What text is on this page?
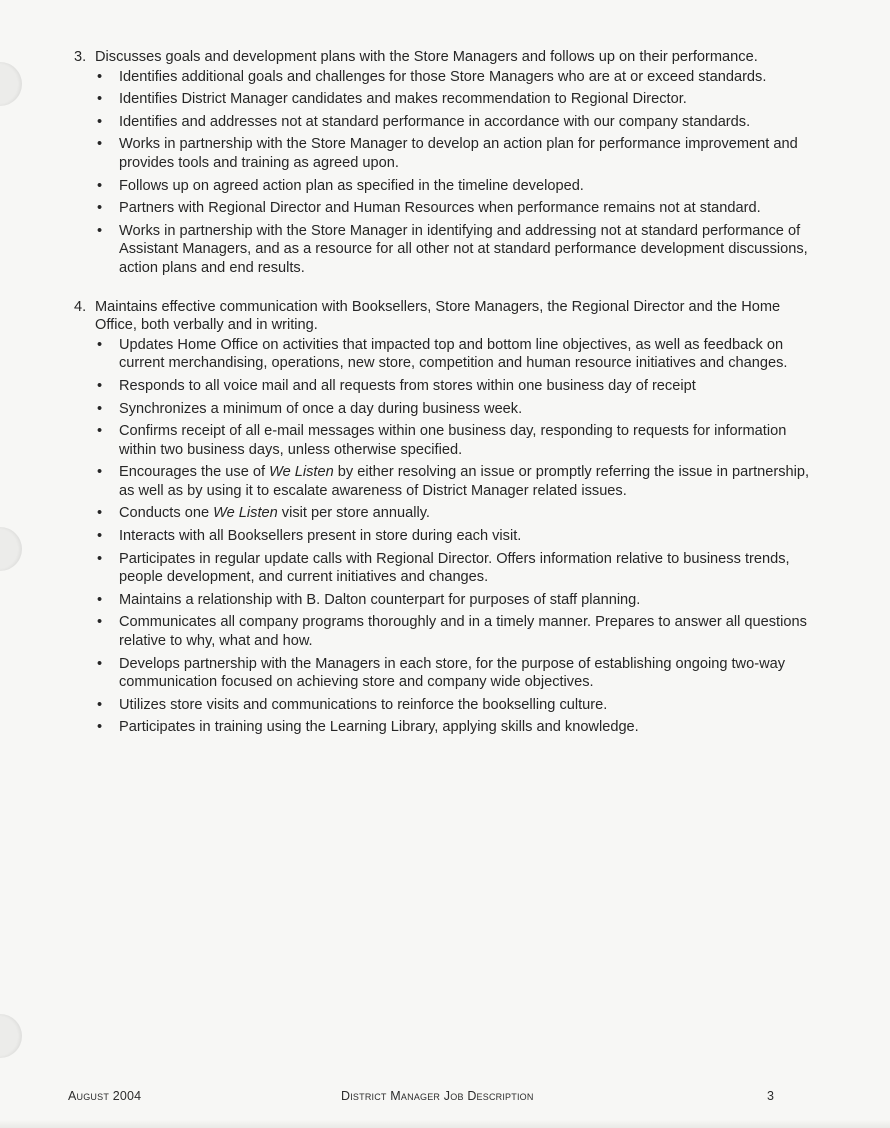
3. Discusses goals and development plans with the Store Managers and follows up on their performance.
•	Identifies additional goals and challenges for those Store Managers who are at or exceed standards.
•	Identifies District Manager candidates and makes recommendation to Regional Director.
•	Identifies and addresses not at standard performance in accordance with our company standards.
•	Works in partnership with the Store Manager to develop an action plan for performance improvement and provides tools and training as agreed upon.
•	Follows up on agreed action plan as specified in the timeline developed.
•	Partners with Regional Director and Human Resources when performance remains not at standard.
•	Works in partnership with the Store Manager in identifying and addressing not at standard performance of Assistant Managers, and as a resource for all other not at standard performance development discussions, action plans and end results.
4. Maintains effective communication with Booksellers, Store Managers, the Regional Director and the Home Office, both verbally and in writing.
•	Updates Home Office on activities that impacted top and bottom line objectives, as well as feedback on current merchandising, operations, new store, competition and human resource initiatives and changes.
•	Responds to all voice mail and all requests from stores within one business day of receipt
•	Synchronizes a minimum of once a day during business week.
•	Confirms receipt of all e-mail messages within one business day, responding to requests for information within two business days, unless otherwise specified.
•	Encourages the use of We Listen by either resolving an issue or promptly referring the issue in partnership, as well as by using it to escalate awareness of District Manager related issues.
•	Conducts one We Listen visit per store annually.
•	Interacts with all Booksellers present in store during each visit.
•	Participates in regular update calls with Regional Director. Offers information relative to business trends, people development, and current initiatives and changes.
•	Maintains a relationship with B. Dalton counterpart for purposes of staff planning.
•	Communicates all company programs thoroughly and in a timely manner. Prepares to answer all questions relative to why, what and how.
•	Develops partnership with the Managers in each store, for the purpose of establishing ongoing two-way communication focused on achieving store and company wide objectives.
•	Utilizes store visits and communications to reinforce the bookselling culture.
•	Participates in training using the Learning Library, applying skills and knowledge.
August 2004	District Manager Job Description	3
